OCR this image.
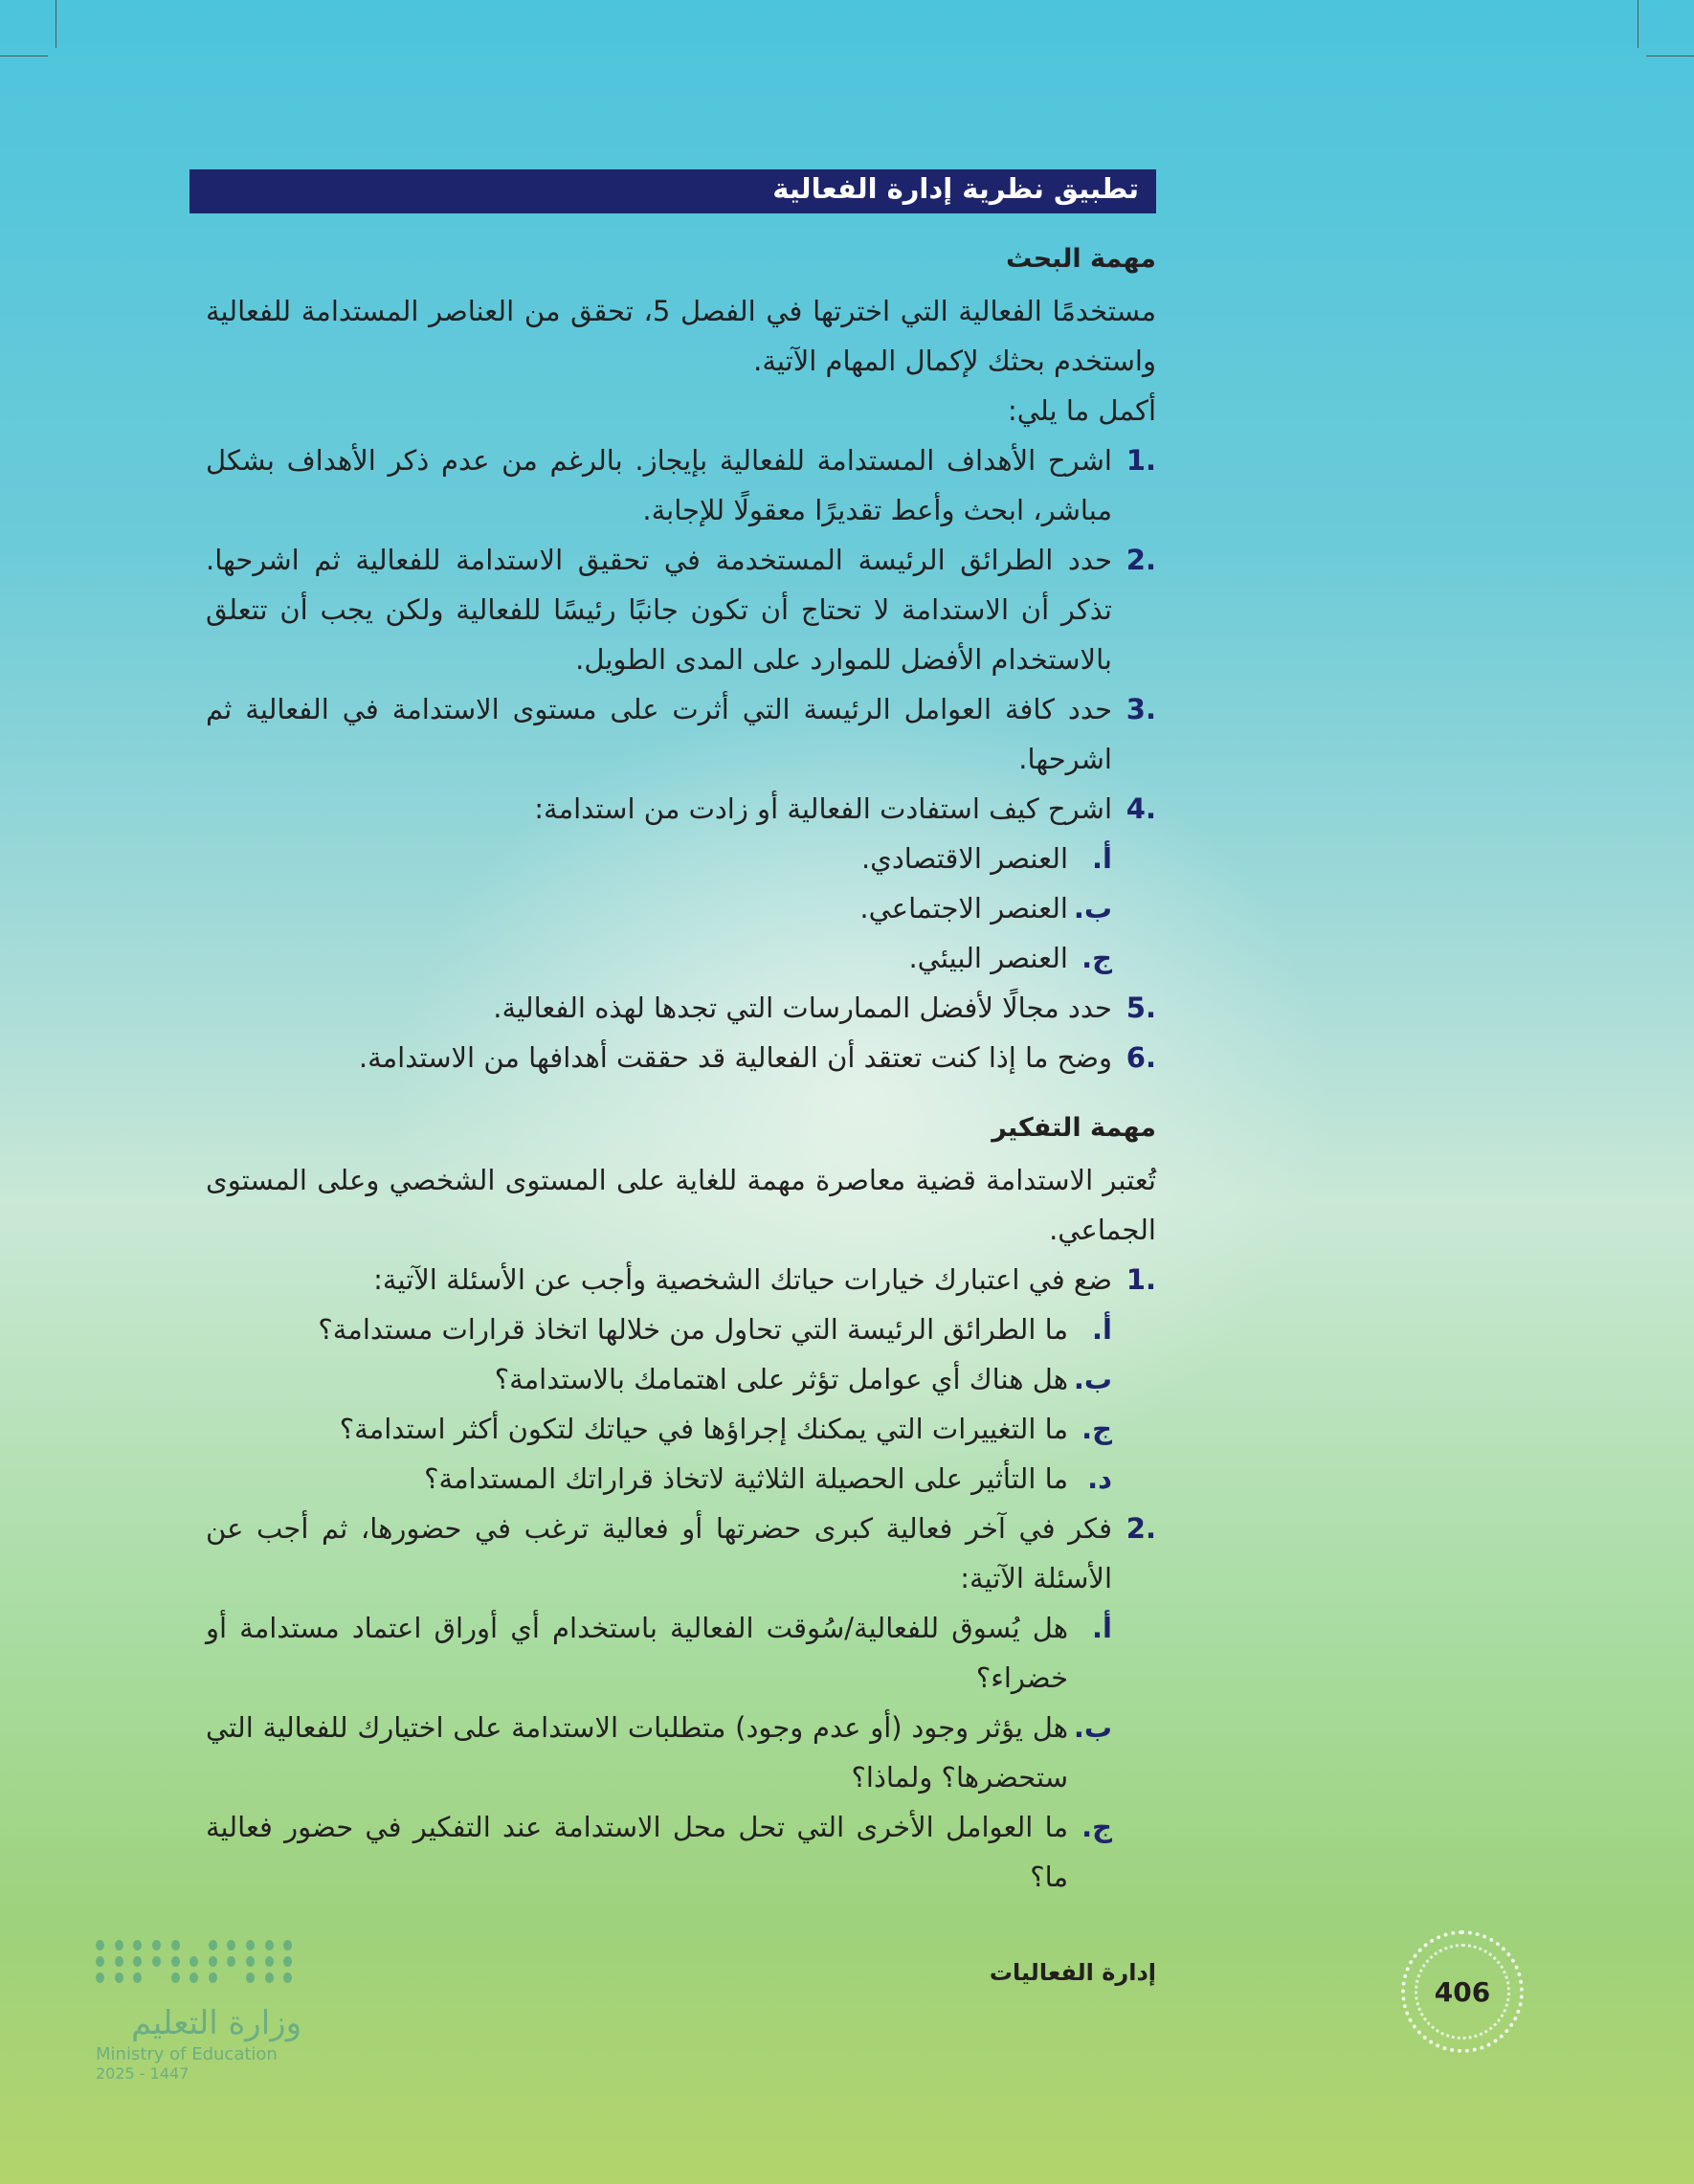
تطبيق نظرية إدارة الفعالية
مهمة البحث
مستخدمًا الفعالية التي اخترتها في الفصل 5، تحقق من العناصر المستدامة للفعالية واستخدم بحثك لإكمال المهام الآتية.
أكمل ما يلي:
.1
اشرح الأهداف المستدامة للفعالية بإيجاز. بالرغم من عدم ذكر الأهداف بشكل مباشر، ابحث وأعط تقديرًا معقولًا للإجابة.
.2
حدد الطرائق الرئيسة المستخدمة في تحقيق الاستدامة للفعالية ثم اشرحها. تذكر أن الاستدامة لا تحتاج أن تكون جانبًا رئيسًا للفعالية ولكن يجب أن تتعلق بالاستخدام الأفضل للموارد على المدى الطويل.
.3
حدد كافة العوامل الرئيسة التي أثرت على مستوى الاستدامة في الفعالية ثم اشرحها.
.4
اشرح كيف استفادت الفعالية أو زادت من استدامة:
أ.
العنصر الاقتصادي.
ب.
العنصر الاجتماعي.
ج.
العنصر البيئي.
.5
حدد مجالًا لأفضل الممارسات التي تجدها لهذه الفعالية.
.6
وضح ما إذا كنت تعتقد أن الفعالية قد حققت أهدافها من الاستدامة.
مهمة التفكير
تُعتبر الاستدامة قضية معاصرة مهمة للغاية على المستوى الشخصي وعلى المستوى الجماعي.
.1
ضع في اعتبارك خيارات حياتك الشخصية وأجب عن الأسئلة الآتية:
أ.
ما الطرائق الرئيسة التي تحاول من خلالها اتخاذ قرارات مستدامة؟
ب.
هل هناك أي عوامل تؤثر على اهتمامك بالاستدامة؟
ج.
ما التغييرات التي يمكنك إجراؤها في حياتك لتكون أكثر استدامة؟
د.
ما التأثير على الحصيلة الثلاثية لاتخاذ قراراتك المستدامة؟
.2
فكر في آخر فعالية كبرى حضرتها أو فعالية ترغب في حضورها، ثم أجب عن الأسئلة الآتية:
أ.
هل يُسوق للفعالية/سُوقت الفعالية باستخدام أي أوراق اعتماد مستدامة أو خضراء؟
ب.
هل يؤثر وجود (أو عدم وجود) متطلبات الاستدامة على اختيارك للفعالية التي ستحضرها؟ ولماذا؟
ج.
ما العوامل الأخرى التي تحل محل الاستدامة عند التفكير في حضور فعالية ما؟
إدارة الفعاليات
406
وزارة التعليم
Ministry of Education
2025 - 1447
